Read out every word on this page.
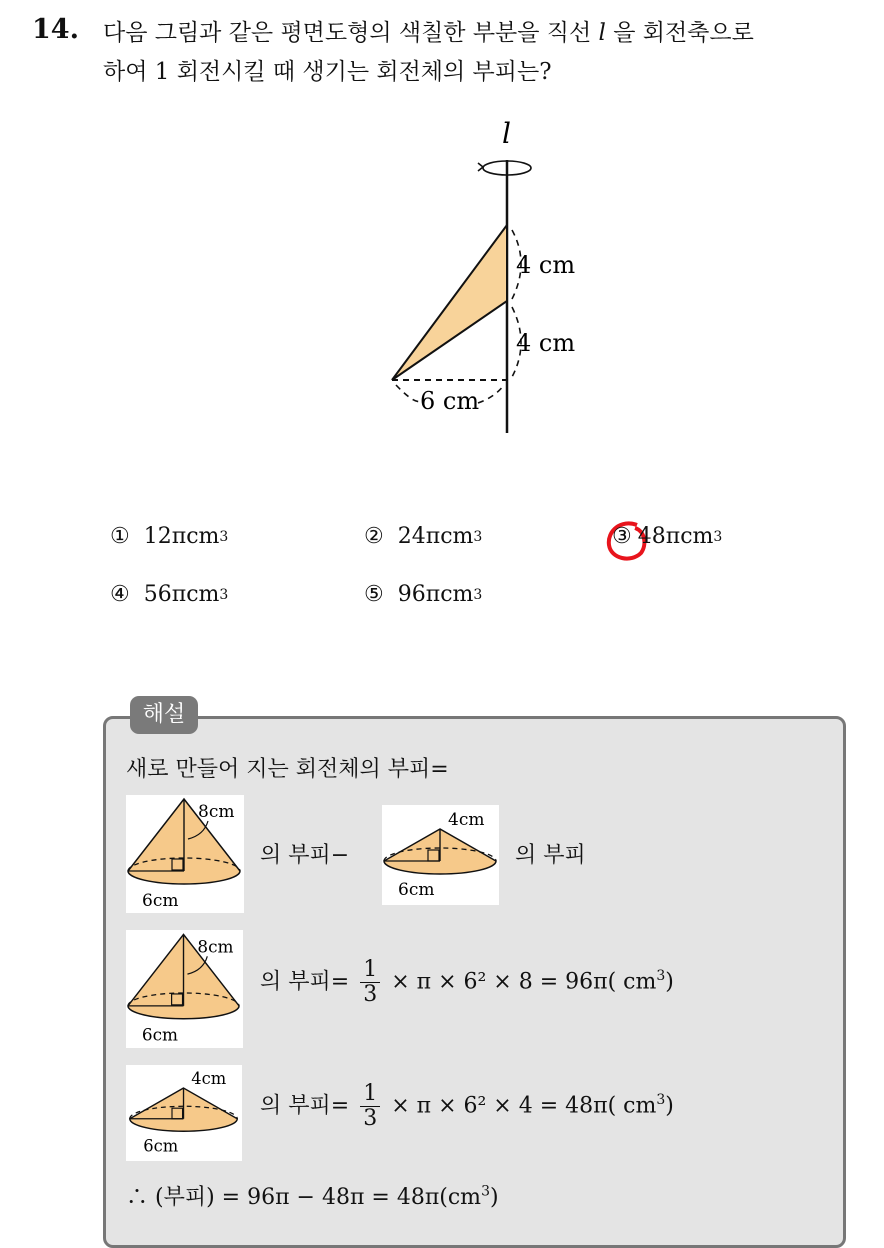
14. 다음 그림과 같은 평면도형의 색칠한 부분을 직선 l 을 회전축으로
하여 1 회전시킬 때 생기는 회전체의 부피는?
l
4 cm
4 cm
6 cm
① 12πcm 3	② 24πcm 3	③ 48πcm 3
④ 56πcm 3	⑤ 96πcm 3
해설
새로 만들어 지는 회전체의 부피=
8cm
6cm
의 부피−
4cm
6cm
의 부피
8cm
6cm
의 부피= $\frac{1}{3} \times \pi \times 6^2 \times 8 = 96\pi$( $cm^3$)
4cm
6cm
의 부피= $\frac{1}{3} \times \pi \times 6^2 \times 4 = 48\pi$( $cm^3$)
∴ (부피) = $96\pi - 48\pi = 48\pi(cm^3)$
